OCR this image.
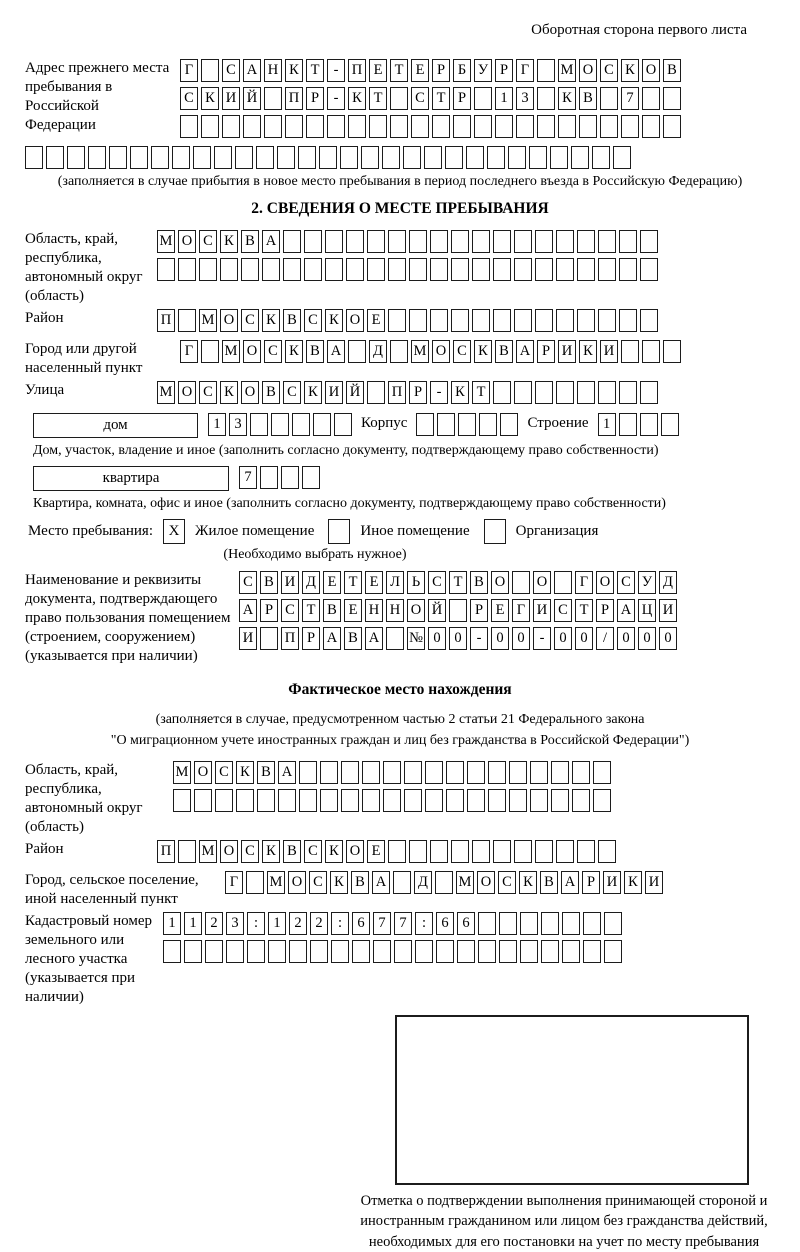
Оборотная сторона первого листа
Адрес прежнего места пребывания в Российской Федерации
Г	С А Н К Т - П Е Т Е Р Б У Р Г	М О С К О В
С К И Й П Р	- К Т	С Т Р	1 3	К В	7
(заполняется в случае прибытия в новое место пребывания в период последнего въезда в Российскую Федерацию)
2. СВЕДЕНИЯ О МЕСТЕ ПРЕБЫВАНИЯ
Область, край, республика, автономный округ (область)
М О С К В А
Район	П М О С К В С К О Е
Город или другой населенный пункт
Г	М О С К В А Д М О С К В А Р И К И
Улица	М О С К О В С К И Й П Р	- К Т
дом	1 3	Корпус	Строение 1
Дом, участок, владение и иное (заполнить согласно документу, подтверждающему право собственности)
квартира	7
Квартира, комната, офис и иное (заполнить согласно документу, подтверждающему право собственности)
Место пребывания:	X	Жилое помещение	Иное помещение	Организация
(Необходимо выбрать нужное)
Наименование и реквизиты документа, подтверждающего право пользования помещением (строением, сооружением) (указывается при наличии)
С В И Д Е Т Е Л Ь С Т В О О	Г О С У Д
А Р С Т В Е Н Н О Й	Р Е Г И С Т Р А Ц И
И П Р А В А № 0 0	-	0 0	-	0 0	/	0 0 0
Фактическое место нахождения
(заполняется в случае, предусмотренном частью 2 статьи 21 Федерального закона
"О миграционном учете иностранных граждан и лиц без гражданства в Российской Федерации")
Область, край, республика, автономный округ (область)
М О С К В А
Район	П М О С К В С К О Е
Город, сельское поселение, иной населенный пункт
Г	М О С К В А Д М О С К В А Р И К И
Кадастровый номер земельного или лесного участка (указывается при наличии)
1 1 2 3	:	1 2 2	:	6 7 7	:	6 6
Отметка о подтверждении выполнения принимающей стороной и иностранным гражданином или лицом без гражданства действий, необходимых для его постановки на учет по месту пребывания
